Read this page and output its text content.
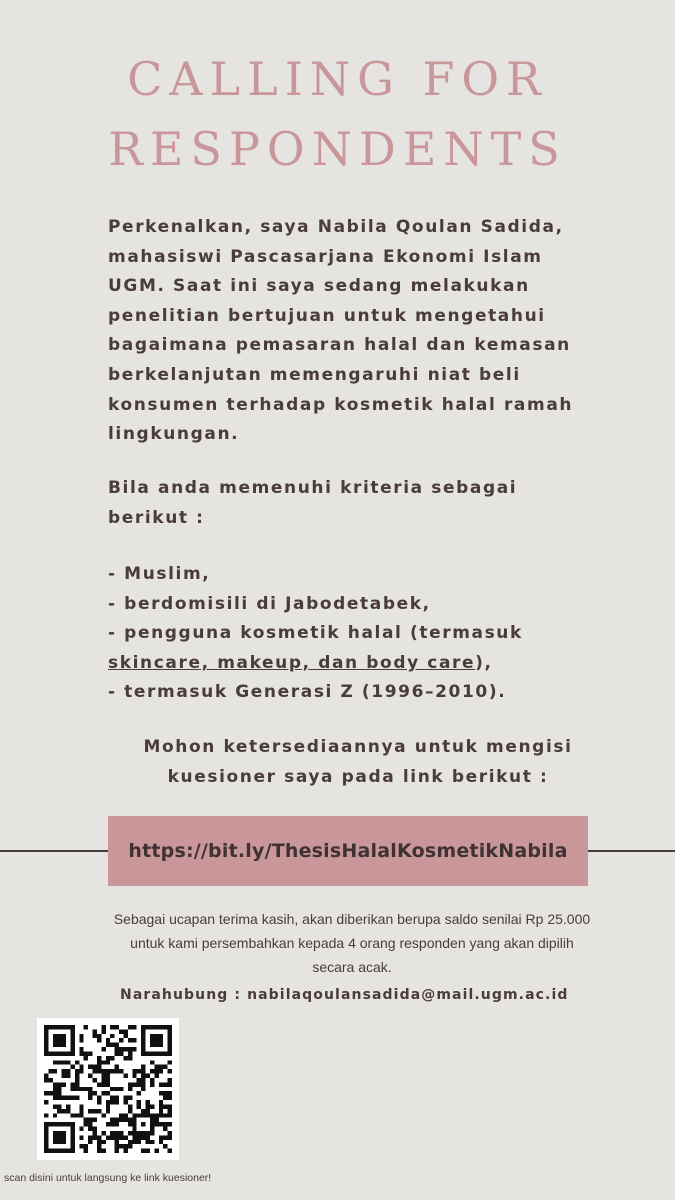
CALLING FOR
RESPONDENTS

Perkenalkan, saya Nabila Qoulan Sadida, mahasiswi Pascasarjana Ekonomi Islam UGM. Saat ini saya sedang melakukan penelitian bertujuan untuk mengetahui bagaimana pemasaran halal dan kemasan berkelanjutan memengaruhi niat beli konsumen terhadap kosmetik halal ramah lingkungan.

Bila anda memenuhi kriteria sebagai berikut :

- Muslim,
- berdomisili di Jabodetabek,
- pengguna kosmetik halal (termasuk
skincare, makeup, dan body care),
- termasuk Generasi Z (1996–2010).
Mohon ketersediaannya untuk mengisi kuesioner saya pada link berikut :
https://bit.ly/ThesisHalalKosmetikNabila

Sebagai ucapan terima kasih, akan diberikan berupa saldo senilai Rp 25.000 untuk kami persembahkan kepada 4 orang responden yang akan dipilih secara acak.

Narahubung : nabilaqoulansadida@mail.ugm.ac.id
scan disini untuk langsung ke link kuesioner!
